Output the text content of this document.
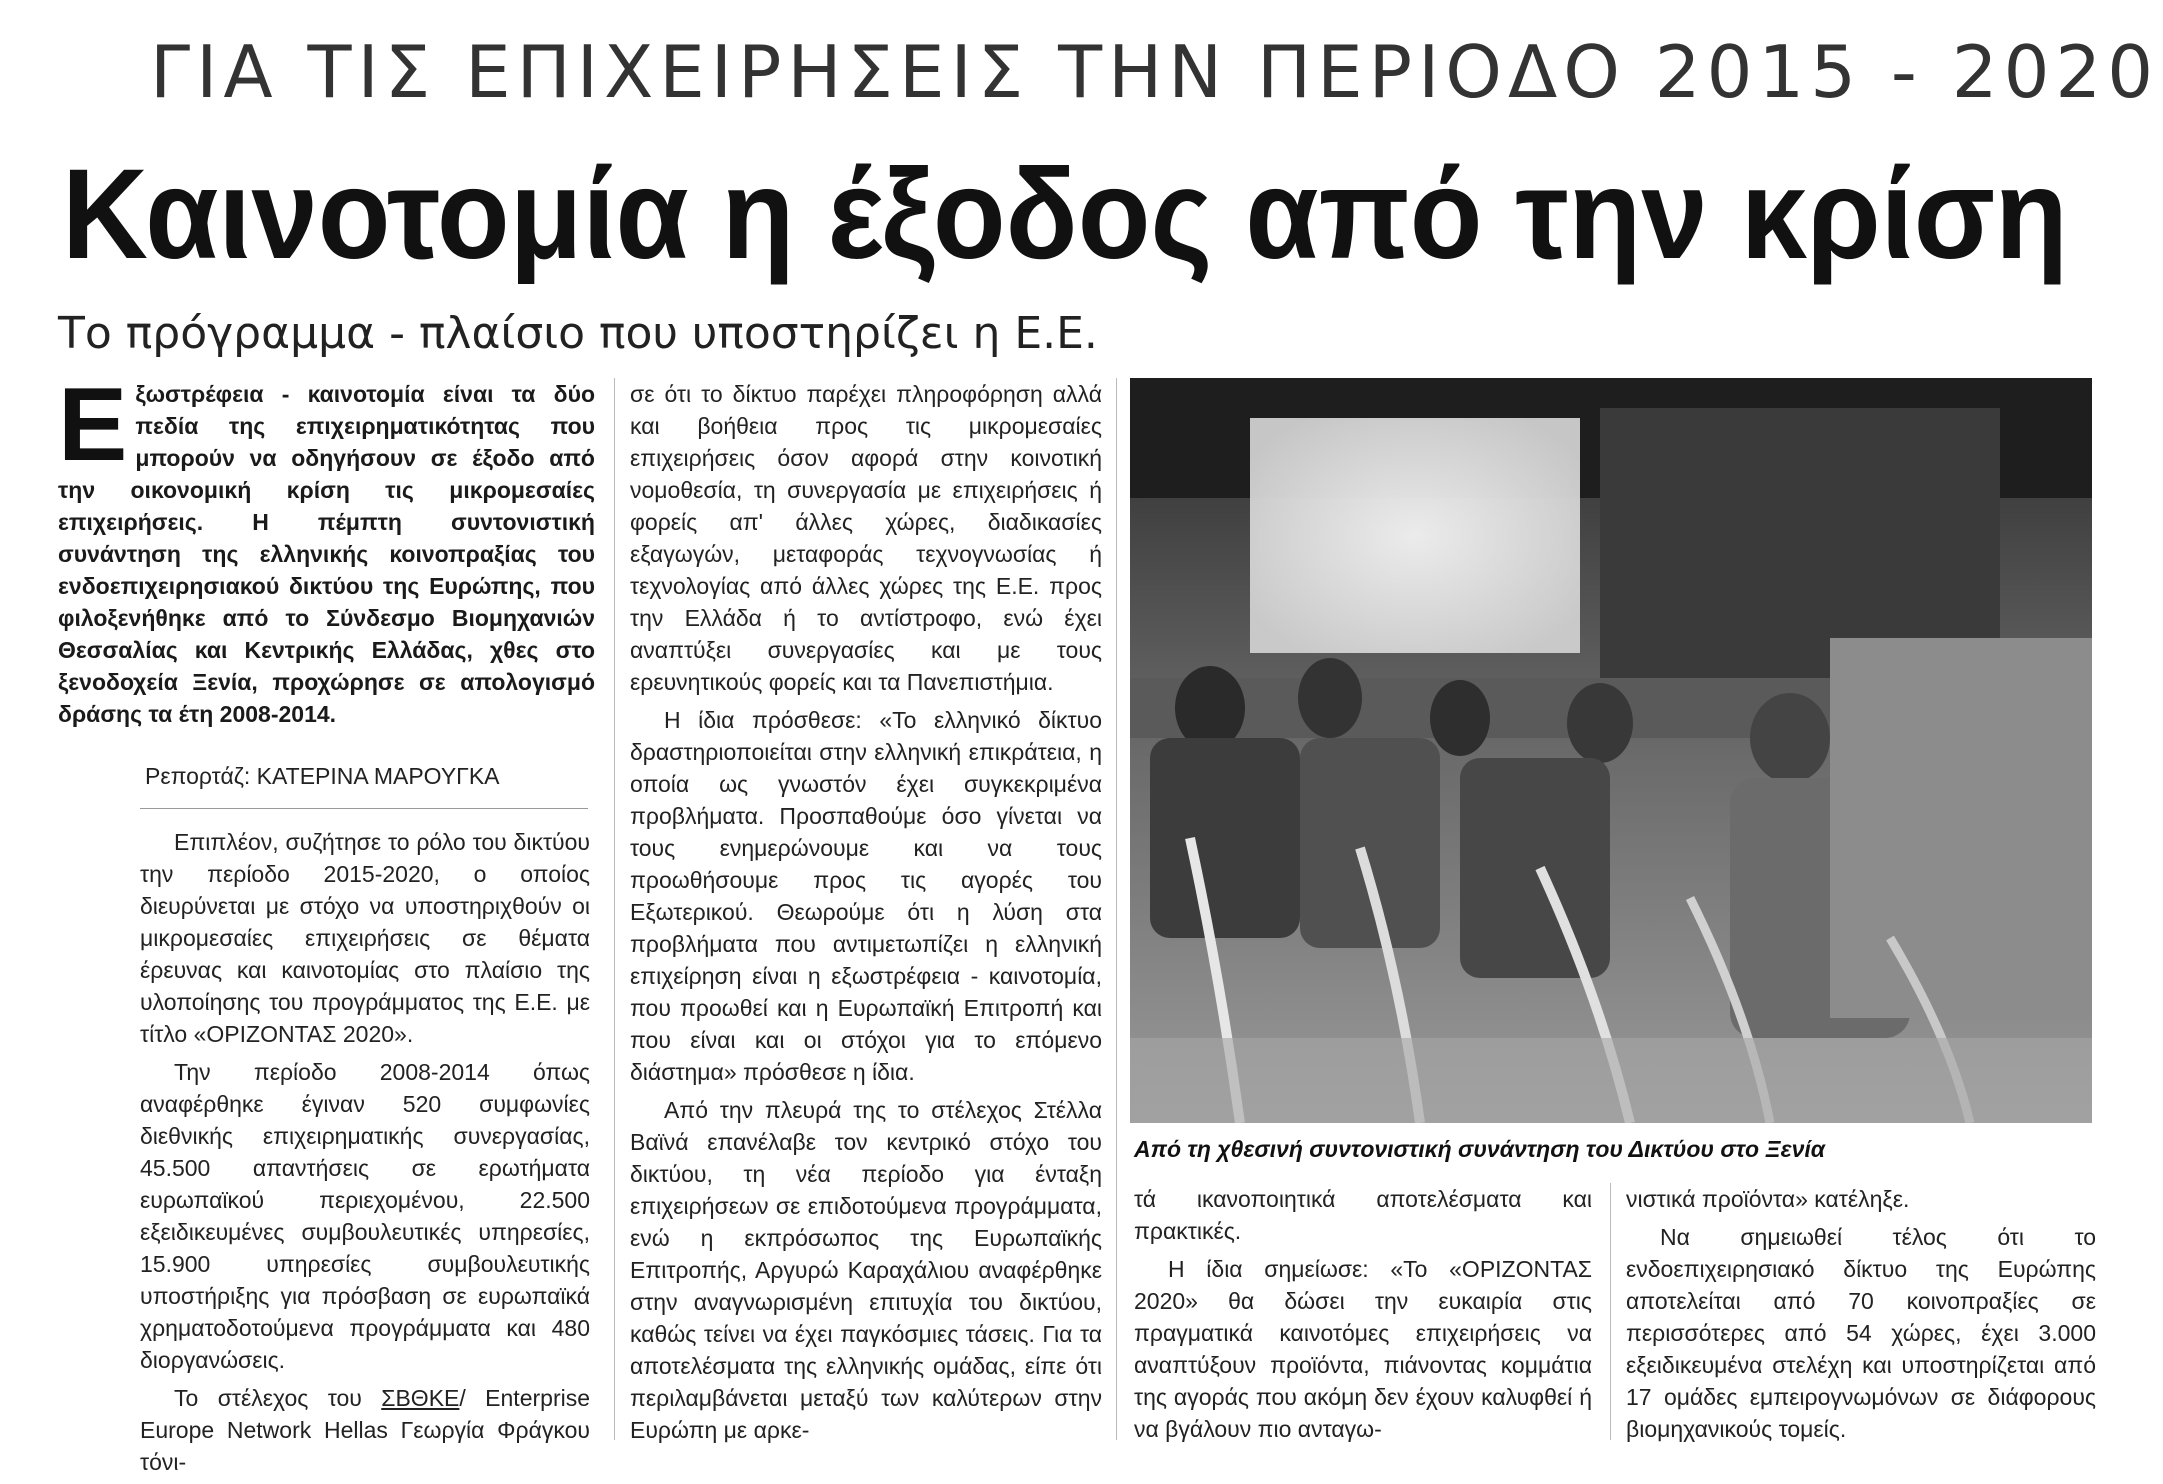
ΓΙΑ ΤΙΣ ΕΠΙΧΕΙΡΗΣΕΙΣ ΤΗΝ ΠΕΡΙΟΔΟ 2015 - 2020
Καινοτομία η έξοδος από την κρίση
Το πρόγραμμα - πλαίσιο που υποστηρίζει η Ε.Ε.
Εξωστρέφεια - καινοτομία είναι τα δύο πεδία της επιχειρηματικότητας που μπορούν να οδηγήσουν σε έξοδο από την οικονομική κρίση τις μικρομεσαίες επιχειρήσεις. Η πέμπτη συντονιστική συνάντηση της ελληνικής κοινοπραξίας του ενδοεπιχειρησιακού δικτύου της Ευρώπης, που φιλοξενήθηκε από το Σύνδεσμο Βιομηχανιών Θεσσαλίας και Κεντρικής Ελλάδας, χθες στο ξενοδοχεία Ξενία, προχώρησε σε απολογισμό δράσης τα έτη 2008-2014.
Ρεπορτάζ: ΚΑΤΕΡΙΝΑ ΜΑΡΟΥΓΚΑ

Επιπλέον, συζήτησε το ρόλο του δικτύου την περίοδο 2015-2020, ο οποίος διευρύνεται με στόχο να υποστηριχθούν οι μικρομεσαίες επιχειρήσεις σε θέματα έρευνας και καινοτομίας στο πλαίσιο της υλοποίησης του προγράμματος της Ε.Ε. με τίτλο «ΟΡΙΖΟΝΤΑΣ 2020».

Την περίοδο 2008-2014 όπως αναφέρθηκε έγιναν 520 συμφωνίες διεθνικής επιχειρηματικής συνεργασίας, 45.500 απαντήσεις σε ερωτήματα ευρωπαϊκού περιεχομένου, 22.500 εξειδικευμένες συμβουλευτικές υπηρεσίες, 15.900 υπηρεσίες συμβουλευτικής υποστήριξης για πρόσβαση σε ευρωπαϊκά χρηματοδοτούμενα προγράμματα και 480 διοργανώσεις.

Το στέλεχος του ΣΒΘΚΕ/ Enterprise Europe Network Hellas Γεωργία Φράγκου τόνι-

σε ότι το δίκτυο παρέχει πληροφόρηση αλλά και βοήθεια προς τις μικρομεσαίες επιχειρήσεις όσον αφορά στην κοινοτική νομοθεσία, τη συνεργασία με επιχειρήσεις ή φορείς απ' άλλες χώρες, διαδικασίες εξαγωγών, μεταφοράς τεχνογνωσίας ή τεχνολογίας από άλλες χώρες της Ε.Ε. προς την Ελλάδα ή το αντίστροφο, ενώ έχει αναπτύξει συνεργασίες και με τους ερευνητικούς φορείς και τα Πανεπιστήμια.

Η ίδια πρόσθεσε: «Το ελληνικό δίκτυο δραστηριοποιείται στην ελληνική επικράτεια, η οποία ως γνωστόν έχει συγκεκριμένα προβλήματα. Προσπαθούμε όσο γίνεται να τους ενημερώνουμε και να τους προωθήσουμε προς τις αγορές του Εξωτερικού. Θεωρούμε ότι η λύση στα προβλήματα που αντιμετωπίζει η ελληνική επιχείρηση είναι η εξωστρέφεια - καινοτομία, που προωθεί και η Ευρωπαϊκή Επιτροπή και που είναι και οι στόχοι για το επόμενο διάστημα» πρόσθεσε η ίδια.

Από την πλευρά της το στέλεχος Στέλλα Βαϊνά επανέλαβε τον κεντρικό στόχο του δικτύου, τη νέα περίοδο για ένταξη επιχειρήσεων σε επιδοτούμενα προγράμματα, ενώ η εκπρόσωπος της Ευρωπαϊκής Επιτροπής, Αργυρώ Καραχάλιου αναφέρθηκε στην αναγνωρισμένη επιτυχία του δικτύου, καθώς τείνει να έχει παγκόσμιες τάσεις. Για τα αποτελέσματα της ελληνικής ομάδας, είπε ότι περιλαμβάνεται μεταξύ των καλύτερων στην Ευρώπη με αρκε-

Από τη χθεσινή συντονιστική συνάντηση του Δικτύου στο Ξενία

τά ικανοποιητικά αποτελέσματα και πρακτικές.

Η ίδια σημείωσε: «Το «ΟΡΙΖΟΝΤΑΣ 2020» θα δώσει την ευκαιρία στις πραγματικά καινοτόμες επιχειρήσεις να αναπτύξουν προϊόντα, πιάνοντας κομμάτια της αγοράς που ακόμη δεν έχουν καλυφθεί ή να βγάλουν πιο ανταγω-

νιστικά προϊόντα» κατέληξε.

Να σημειωθεί τέλος ότι το ενδοεπιχειρησιακό δίκτυο της Ευρώπης αποτελείται από 70 κοινοπραξίες σε περισσότερες από 54 χώρες, έχει 3.000 εξειδικευμένα στελέχη και υποστηρίζεται από 17 ομάδες εμπειρογνωμόνων σε διάφορους βιομηχανικούς τομείς.
